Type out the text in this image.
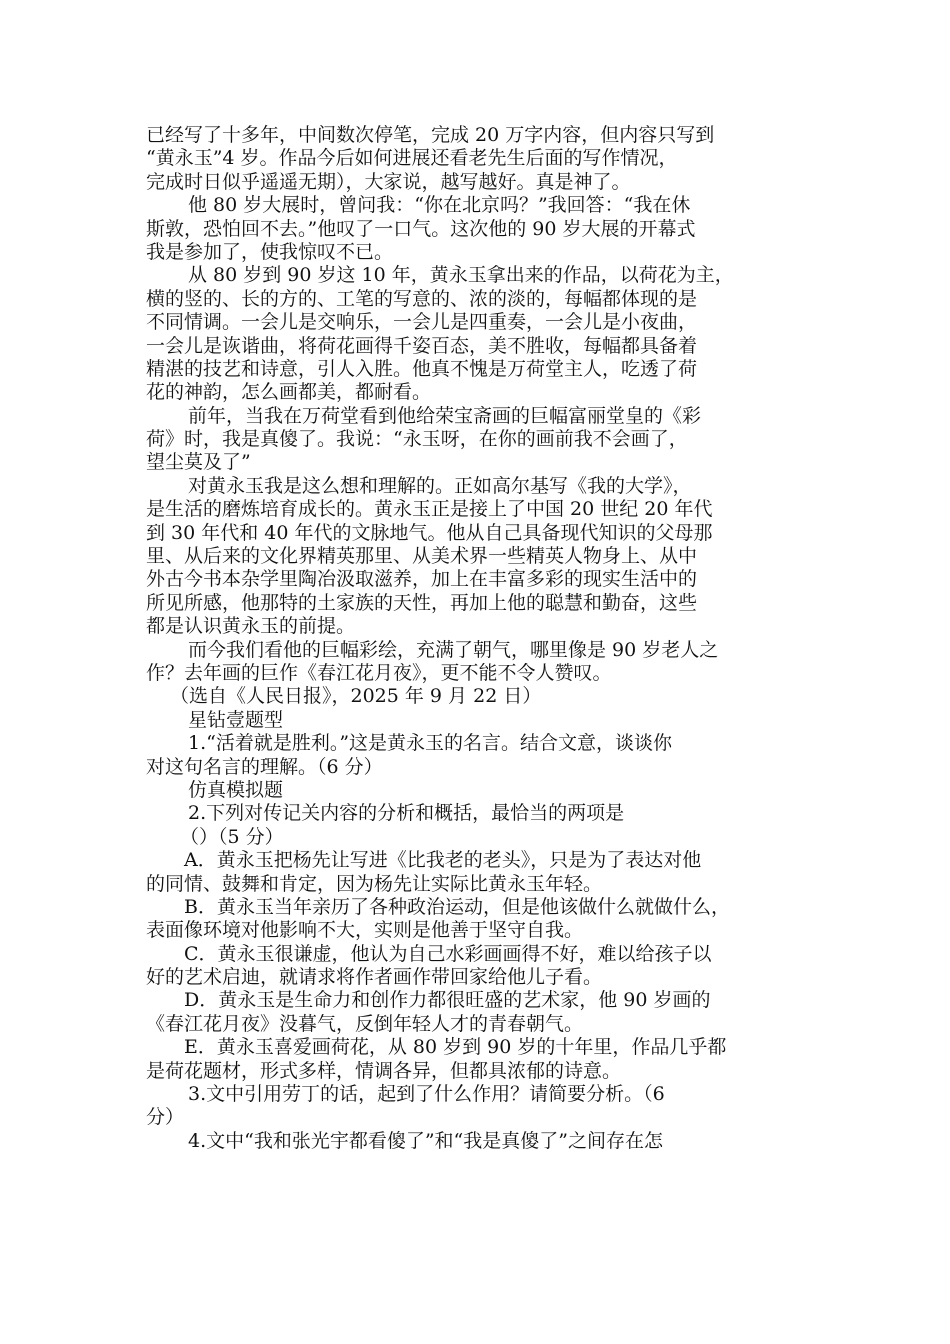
已经写了十多年，中间数次停笔，完成 20 万字内容，但内容只写到
“黄永玉”4 岁。作品今后如何进展还看老先生后面的写作情况，
完成时日似乎遥遥无期），大家说，越写越好。真是神了。
他 80 岁大展时，曾问我：“你在北京吗？”我回答：“我在休
斯敦，恐怕回不去。”他叹了一口气。这次他的 90 岁大展的开幕式
我是参加了，使我惊叹不已。
从 80 岁到 90 岁这 10 年，黄永玉拿出来的作品，以荷花为主，
横的竖的、长的方的、工笔的写意的、浓的淡的，每幅都体现的是
不同情调。一会儿是交响乐，一会儿是四重奏，一会儿是小夜曲，
一会儿是诙谐曲，将荷花画得千姿百态，美不胜收，每幅都具备着
精湛的技艺和诗意，引人入胜。他真不愧是万荷堂主人，吃透了荷
花的神韵，怎么画都美，都耐看。
前年，当我在万荷堂看到他给荣宝斋画的巨幅富丽堂皇的《彩
荷》时，我是真傻了。我说：“永玉呀，在你的画前我不会画了，
望尘莫及了”
对黄永玉我是这么想和理解的。正如高尔基写《我的大学》，
是生活的磨炼培育成长的。黄永玉正是接上了中国 20 世纪 20 年代
到 30 年代和 40 年代的文脉地气。他从自己具备现代知识的父母那
里、从后来的文化界精英那里、从美术界一些精英人物身上、从中
外古今书本杂学里陶冶汲取滋养，加上在丰富多彩的现实生活中的
所见所感，他那特的土家族的天性，再加上他的聪慧和勤奋，这些
都是认识黄永玉的前提。
而今我们看他的巨幅彩绘，充满了朝气，哪里像是 90 岁老人之
作？去年画的巨作《春江花月夜》，更不能不令人赞叹。
（选自《人民日报》，2025 年 9 月 22 日）
星钻壹题型
1.“活着就是胜利。”这是黄永玉的名言。结合文意，谈谈你
对这句名言的理解。（6 分）
仿真模拟题
2.下列对传记关内容的分析和概括，最恰当的两项是
（）（5 分）
A．黄永玉把杨先让写进《比我老的老头》，只是为了表达对他
的同情、鼓舞和肯定，因为杨先让实际比黄永玉年轻。
B．黄永玉当年亲历了各种政治运动，但是他该做什么就做什么，
表面像环境对他影响不大，实则是他善于坚守自我。
C．黄永玉很谦虚，他认为自己水彩画画得不好，难以给孩子以
好的艺术启迪，就请求将作者画作带回家给他儿子看。
D．黄永玉是生命力和创作力都很旺盛的艺术家，他 90 岁画的
《春江花月夜》没暮气，反倒年轻人才的青春朝气。
E．黄永玉喜爱画荷花，从 80 岁到 90 岁的十年里，作品几乎都
是荷花题材，形式多样，情调各异，但都具浓郁的诗意。
3.文中引用劳丁的话，起到了什么作用？请简要分析。（6
分）
4.文中“我和张光宇都看傻了”和“我是真傻了”之间存在怎
